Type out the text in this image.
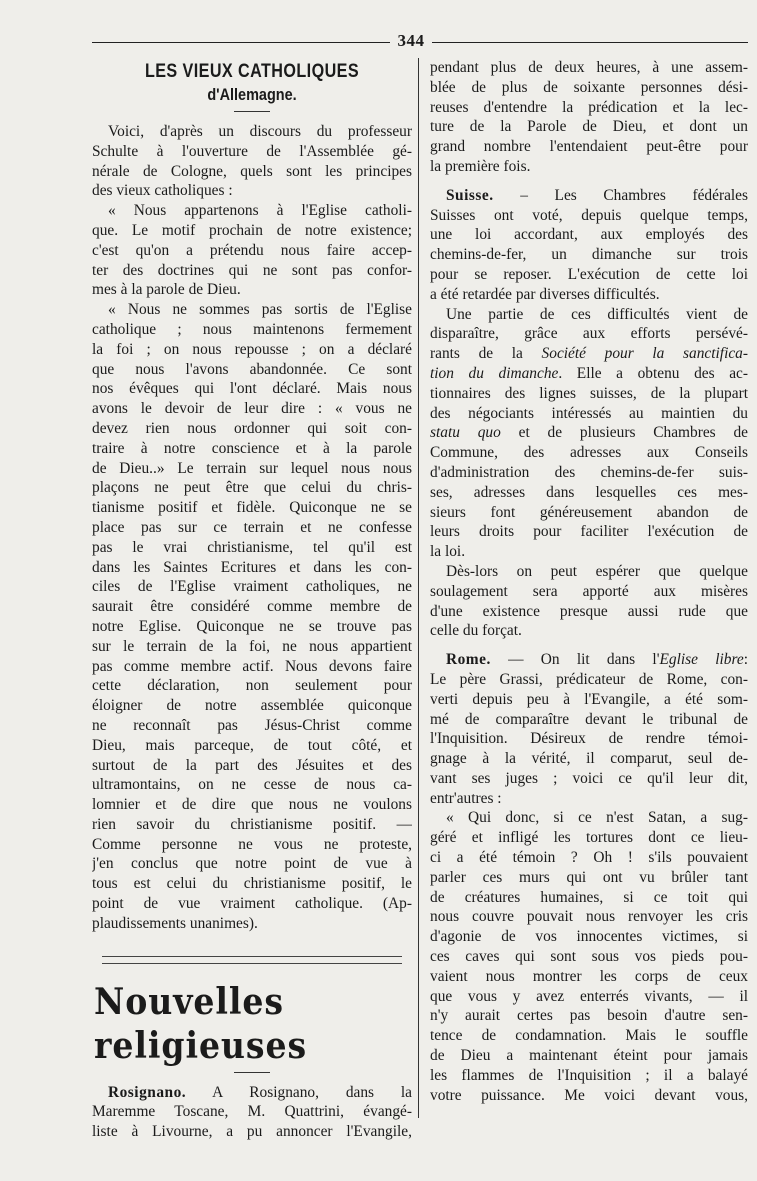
344
LES VIEUX CATHOLIQUES
d'Allemagne.
Voici, d'après un discours du professeur
Schulte à l'ouverture de l'Assemblée gé-
nérale de Cologne, quels sont les principes
des vieux catholiques :
« Nous appartenons à l'Eglise catholi-
que. Le motif prochain de notre existence;
c'est qu'on a prétendu nous faire accep-
ter des doctrines qui ne sont pas confor-
mes à la parole de Dieu.
« Nous ne sommes pas sortis de l'Eglise
catholique ; nous maintenons fermement
la foi ; on nous repousse ; on a déclaré
que nous l'avons abandonnée. Ce sont
nos évêques qui l'ont déclaré. Mais nous
avons le devoir de leur dire : « vous ne
devez rien nous ordonner qui soit con-
traire à notre conscience et à la parole
de Dieu..» Le terrain sur lequel nous nous
plaçons ne peut être que celui du chris-
tianisme positif et fidèle. Quiconque ne se
place pas sur ce terrain et ne confesse
pas le vrai christianisme, tel qu'il est
dans les Saintes Ecritures et dans les con-
ciles de l'Eglise vraiment catholiques, ne
saurait être considéré comme membre de
notre Eglise. Quiconque ne se trouve pas
sur le terrain de la foi, ne nous appartient
pas comme membre actif. Nous devons faire
cette déclaration, non seulement pour
éloigner de notre assemblée quiconque
ne reconnaît pas Jésus-Christ comme
Dieu, mais parceque, de tout côté, et
surtout de la part des Jésuites et des
ultramontains, on ne cesse de nous ca-
lomnier et de dire que nous ne voulons
rien savoir du christianisme positif. —
Comme personne ne vous ne proteste,
j'en conclus que notre point de vue à
tous est celui du christianisme positif, le
point de vue vraiment catholique. (Ap-
plaudissements unanimes).
Nouvelles religieuses
Rosignano. A Rosignano, dans la
Maremme Toscane, M. Quattrini, évangé-
liste à Livourne, a pu annoncer l'Evangile,
pendant plus de deux heures, à une assem-
blée de plus de soixante personnes dési-
reuses d'entendre la prédication et la lec-
ture de la Parole de Dieu, et dont un
grand nombre l'entendaient peut-être pour
la première fois.
Suisse. – Les Chambres fédérales
Suisses ont voté, depuis quelque temps,
une loi accordant, aux employés des
chemins-de-fer, un dimanche sur trois
pour se reposer. L'exécution de cette loi
a été retardée par diverses difficultés.
Une partie de ces difficultés vient de
disparaître, grâce aux efforts persévé-
rants de la Société pour la sanctifica-
tion du dimanche. Elle a obtenu des ac-
tionnaires des lignes suisses, de la plupart
des négociants intéressés au maintien du
statu quo et de plusieurs Chambres de
Commune, des adresses aux Conseils
d'administration des chemins-de-fer suis-
ses, adresses dans lesquelles ces mes-
sieurs font généreusement abandon de
leurs droits pour faciliter l'exécution de
la loi.
Dès-lors on peut espérer que quelque
soulagement sera apporté aux misères
d'une existence presque aussi rude que
celle du forçat.
Rome. — On lit dans l'Eglise libre:
Le père Grassi, prédicateur de Rome, con-
verti depuis peu à l'Evangile, a été som-
mé de comparaître devant le tribunal de
l'Inquisition. Désireux de rendre témoi-
gnage à la vérité, il comparut, seul de-
vant ses juges ; voici ce qu'il leur dit,
entr'autres :
« Qui donc, si ce n'est Satan, a sug-
géré et infligé les tortures dont ce lieu-
ci a été témoin ? Oh ! s'ils pouvaient
parler ces murs qui ont vu brûler tant
de créatures humaines, si ce toit qui
nous couvre pouvait nous renvoyer les cris
d'agonie de vos innocentes victimes, si
ces caves qui sont sous vos pieds pou-
vaient nous montrer les corps de ceux
que vous y avez enterrés vivants, — il
n'y aurait certes pas besoin d'autre sen-
tence de condamnation. Mais le souffle
de Dieu a maintenant éteint pour jamais
les flammes de l'Inquisition ; il a balayé
votre puissance. Me voici devant vous,
